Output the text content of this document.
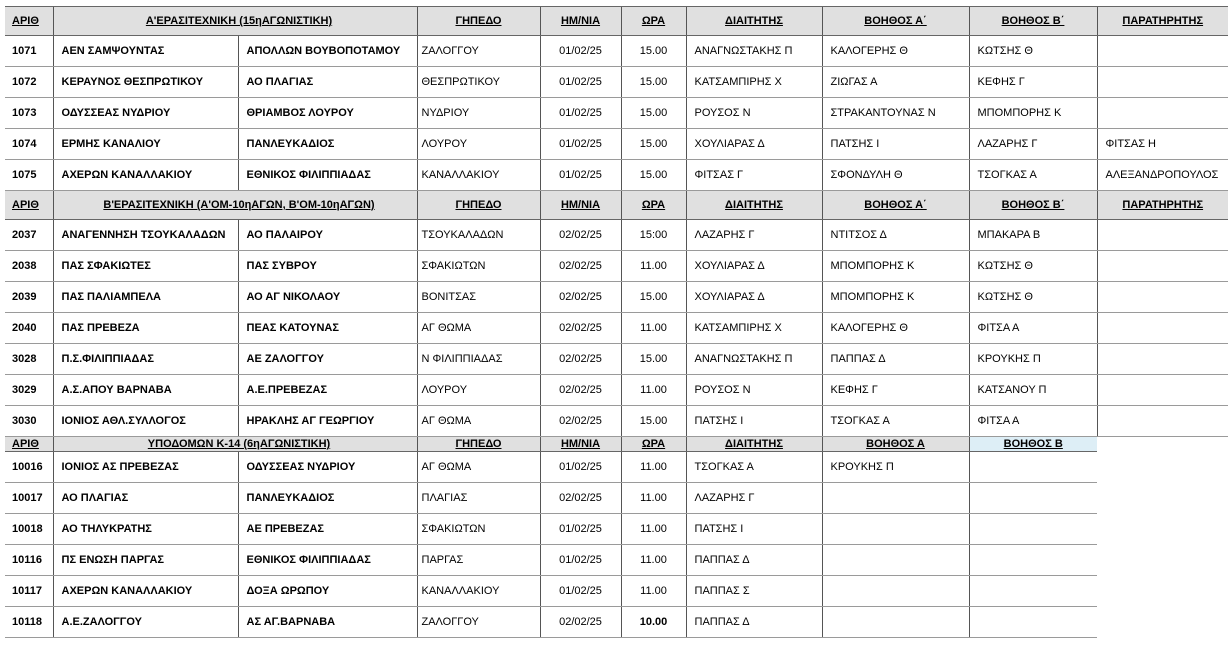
ΑΡΙΘ	Α'ΕΡΑΣΙΤΕΧΝΙΚΗ (15ηΑΓΩΝΙΣΤΙΚΗ)		ΓΗΠΕΔΟ	ΗΜ/ΝΙΑ	ΩΡΑ	ΔΙΑΙΤΗΤΗΣ	ΒΟΗΘΟΣ Α΄	ΒΟΗΘΟΣ Β΄	ΠΑΡΑΤΗΡΗΤΗΣ
1071	ΑΕΝ ΣΑΜΨΟΥΝΤΑΣ	ΑΠΟΛΛΩΝ ΒΟΥΒΟΠΟΤΑΜΟΥ	ΖΑΛΟΓΓΟΥ	01/02/25	15.00	ΑΝΑΓΝΩΣΤΑΚΗΣ Π	ΚΑΛΟΓΕΡΗΣ Θ	ΚΩΤΣΗΣ Θ	
1072	ΚΕΡΑΥΝΟΣ ΘΕΣΠΡΩΤΙΚΟΥ	ΑΟ ΠΛΑΓΙΑΣ	ΘΕΣΠΡΩΤΙΚΟΥ	01/02/25	15.00	ΚΑΤΣΑΜΠΙΡΗΣ Χ	ΖΙΩΓΑΣ Α	ΚΕΦΗΣ Γ	
1073	ΟΔΥΣΣΕΑΣ ΝΥΔΡΙΟΥ	ΘΡΙΑΜΒΟΣ ΛΟΥΡΟΥ	ΝΥΔΡΙΟΥ	01/02/25	15.00	ΡΟΥΣΟΣ Ν	ΣΤΡΑΚΑΝΤΟΥΝΑΣ Ν	ΜΠΟΜΠΟΡΗΣ Κ	
1074	ΕΡΜΗΣ ΚΑΝΑΛΙΟΥ	ΠΑΝΛΕΥΚΑΔΙΟΣ	ΛΟΥΡΟΥ	01/02/25	15.00	ΧΟΥΛΙΑΡΑΣ Δ	ΠΑΤΣΗΣ Ι	ΛΑΖΑΡΗΣ Γ	ΦΙΤΣΑΣ Η
1075	ΑΧΕΡΩΝ ΚΑΝΑΛΛΑΚΙΟΥ	ΕΘΝΙΚΟΣ ΦΙΛΙΠΠΙΑΔΑΣ	ΚΑΝΑΛΛΑΚΙΟΥ	01/02/25	15.00	ΦΙΤΣΑΣ Γ	ΣΦΟΝΔΥΛΗ Θ	ΤΣΟΓΚΑΣ Α	ΑΛΕΞΑΝΔΡΟΠΟΥΛΟΣ
ΑΡΙΘ	Β'ΕΡΑΣΙΤΕΧΝΙΚΗ (Α'ΟΜ-10ηΑΓΩΝ, Β'ΟΜ-10ηΑΓΩΝ)		ΓΗΠΕΔΟ	ΗΜ/ΝΙΑ	ΩΡΑ	ΔΙΑΙΤΗΤΗΣ	ΒΟΗΘΟΣ Α΄	ΒΟΗΘΟΣ Β΄	ΠΑΡΑΤΗΡΗΤΗΣ
2037	ΑΝΑΓΕΝΝΗΣΗ ΤΣΟΥΚΑΛΑΔΩΝ	ΑΟ ΠΑΛΑΙΡΟΥ	ΤΣΟΥΚΑΛΑΔΩΝ	02/02/25	15:00	ΛΑΖΑΡΗΣ Γ	ΝΤΙΤΣΟΣ Δ	ΜΠΑΚΑΡΑ Β	
2038	ΠΑΣ ΣΦΑΚΙΩΤΕΣ	ΠΑΣ ΣΥΒΡΟΥ	ΣΦΑΚΙΩΤΩΝ	02/02/25	11.00	ΧΟΥΛΙΑΡΑΣ Δ	ΜΠΟΜΠΟΡΗΣ Κ	ΚΩΤΣΗΣ Θ	
2039	ΠΑΣ ΠΑΛΙΑΜΠΕΛΑ	ΑΟ ΑΓ ΝΙΚΟΛΑΟΥ	ΒΟΝΙΤΣΑΣ	02/02/25	15.00	ΧΟΥΛΙΑΡΑΣ Δ	ΜΠΟΜΠΟΡΗΣ Κ	ΚΩΤΣΗΣ Θ	
2040	ΠΑΣ ΠΡΕΒΕΖΑ	ΠΕΑΣ ΚΑΤΟΥΝΑΣ	ΑΓ ΘΩΜΑ	02/02/25	11.00	ΚΑΤΣΑΜΠΙΡΗΣ Χ	ΚΑΛΟΓΕΡΗΣ Θ	ΦΙΤΣΑ Α	
3028	Π.Σ.ΦΙΛΙΠΠΙΑΔΑΣ	ΑΕ ΖΑΛΟΓΓΟΥ	Ν ΦΙΛΙΠΠΙΑΔΑΣ	02/02/25	15.00	ΑΝΑΓΝΩΣΤΑΚΗΣ Π	ΠΑΠΠΑΣ Δ	ΚΡΟΥΚΗΣ Π	
3029	Α.Σ.ΑΠΟΥ ΒΑΡΝΑΒΑ	Α.Ε.ΠΡΕΒΕΖΑΣ	ΛΟΥΡΟΥ	02/02/25	11.00	ΡΟΥΣΟΣ Ν	ΚΕΦΗΣ Γ	ΚΑΤΣΑΝΟΥ Π	
3030	ΙΟΝΙΟΣ ΑΘΛ.ΣΥΛΛΟΓΟΣ	ΗΡΑΚΛΗΣ ΑΓ ΓΕΩΡΓΙΟΥ	ΑΓ ΘΩΜΑ	02/02/25	15.00	ΠΑΤΣΗΣ Ι	ΤΣΟΓΚΑΣ Α	ΦΙΤΣΑ Α	
ΑΡΙΘ	ΥΠΟΔΟΜΩΝ Κ-14 (6ηΑΓΩΝΙΣΤΙΚΗ)		ΓΗΠΕΔΟ	ΗΜ/ΝΙΑ	ΩΡΑ	ΔΙΑΙΤΗΤΗΣ	ΒΟΗΘΟΣ Α	ΒΟΗΘΟΣ Β	
10016	ΙΟΝΙΟΣ ΑΣ ΠΡΕΒΕΖΑΣ	ΟΔΥΣΣΕΑΣ ΝΥΔΡΙΟΥ	ΑΓ ΘΩΜΑ	01/02/25	11.00	ΤΣΟΓΚΑΣ Α	ΚΡΟΥΚΗΣ Π		
10017	ΑΟ ΠΛΑΓΙΑΣ	ΠΑΝΛΕΥΚΑΔΙΟΣ	ΠΛΑΓΙΑΣ	02/02/25	11.00	ΛΑΖΑΡΗΣ Γ			
10018	ΑΟ ΤΗΛΥΚΡΑΤΗΣ	ΑΕ ΠΡΕΒΕΖΑΣ	ΣΦΑΚΙΩΤΩΝ	01/02/25	11.00	ΠΑΤΣΗΣ Ι			
10116	ΠΣ ΕΝΩΣΗ ΠΑΡΓΑΣ	ΕΘΝΙΚΟΣ ΦΙΛΙΠΠΙΑΔΑΣ	ΠΑΡΓΑΣ	01/02/25	11.00	ΠΑΠΠΑΣ Δ			
10117	ΑΧΕΡΩΝ ΚΑΝΑΛΛΑΚΙΟΥ	ΔΟΞΑ ΩΡΩΠΟΥ	ΚΑΝΑΛΛΑΚΙΟΥ	01/02/25	11.00	ΠΑΠΠΑΣ Σ			
10118	Α.Ε.ΖΑΛΟΓΓΟΥ	ΑΣ ΑΓ.ΒΑΡΝΑΒΑ	ΖΑΛΟΓΓΟΥ	02/02/25	10.00	ΠΑΠΠΑΣ Δ			
